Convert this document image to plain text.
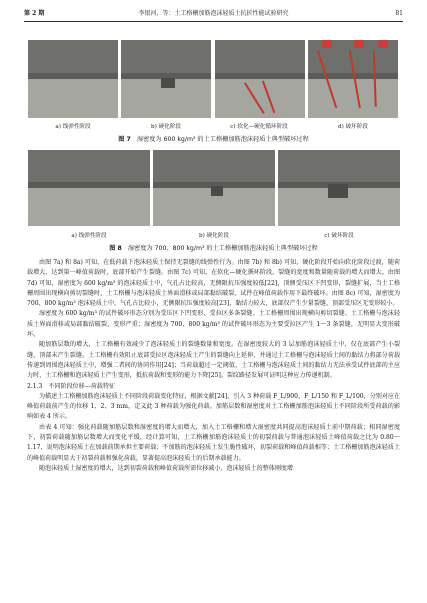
第 2 期	李银河，等：土工格栅加筋泡沫轻质土抗折性能试验研究	81
a) 线弹性阶段	b) 硬化阶段	c) 软化—硬化循环阶段	d) 破坏阶段
图 7 湿密度为 600 kg/m³ 的土工格栅加筋泡沫轻质土典型破坏过程
a) 线弹性阶段	b) 硬化阶段	c) 破坏阶段
图 8 湿密度为 700、800 kg/m³ 的土工格栅加筋泡沫轻质土典型破坏过程

由图 7a) 和 8a) 可知，在低荷载下泡沫轻质土保持无裂缝的线弹性行为。由图 7b) 和 8b) 可知，硬化阶段开始向软化阶段过渡，随荷载增大，达到第一峰值荷载时，底部开始产生裂缝。由图 7c) 可知，在软化—硬化循环阶段，裂缝的宽度和数量随荷载的增大而增大。由图 7d) 可知，湿密度为 600 kg/m³ 的泡沫轻质土中，气孔占比较高，无侧限抗压强度较低[22]，顶侧受压区下凹变形，裂缝扩展，当土工格栅周围出现横向剪切裂缝时，土工格栅与泡沫轻质土界面滑移或局部黏结破裂，试件在峰值荷载作用下最终破坏。由图 8c) 可知，湿密度为 700、800 kg/m³ 泡沫轻质土中，气孔占比较小，无侧限抗压强度较高[23]，黏结力较大，底部仅产生少量裂缝，顶部受压区无变形较小。

湿密度为 600 kg/m³ 的试件破坏形态分别为受压区下凹变形、受拉区多条裂缝、土工格栅周围出现横向剪切裂缝、土工格栅与泡沫轻质土界面滑移或局部黏结破裂，变形严重；湿密度为 700、800 kg/m³ 的试件破坏形态为主要受拉区产生 1～3 条裂缝，无明显大变形破坏。

随加筋层数的增大，土工格栅有效减少了泡沫轻质土的裂缝数量和宽度。在湿密度较大的 3 层加筋泡沫轻质土中，仅在底部产生小裂缝，顶部未产生裂缝。土工格栅有效阻止底部受拉区泡沫轻质土产生的裂缝向上延伸，并通过土工格栅与泡沫轻质土间的黏结力将部分荷载传递到周围泡沫轻质土中，增强二者间的协同作用[24]；当荷载超过一定阈值，土工格栅与泡沫轻质土间的黏结力无法承受试件底部的主应力时，土工格栅和泡沫轻质土产生变形，抵抗荷载和变形的能力下降[25]。裂纹路径发展可证明这种应力传递机制。

2.1.3　不同阶段位移—荷载特征

为描述土工格栅加筋泡沫轻质土不同阶段荷载变化特征，根据文献[24]，引入 3 种荷载 F_L/900、F_L/150 和 F_L/100，分别对应在峰值荷载前产生的位移 1、2、3 mm，定义此 3 种荷载为强化荷载。加筋层数和湿密度对土工格栅加筋泡沫轻质土不同阶段所受荷载的影响如表 4 所示。

由表 4 可知：强化荷载随加筋层数和湿密度的增大而增大，加入土工格栅和增大湿密度共同提高泡沫轻质土前中期荷载；相同湿密度下，初裂荷载随加筋层数增大而变化平缓，经计算可知，土工格栅加筋泡沫轻质土的初裂荷载与普通泡沫轻质土峰值荷载之比为 0.80～1.17，说明泡沫轻质土在加载前期承担主要荷载；不加筋的泡沫轻质土发生脆性破坏，初裂荷载和峰值荷载相等；土工格栅加筋泡沫轻质土的峰值荷载明显大于初裂荷载和强化荷载，显著提高泡沫轻质土的后期承载能力。

随泡沫轻质土湿密度的增大，达到初裂荷载和峰值荷载所需位移减小，泡沫轻质土的整体刚度增
